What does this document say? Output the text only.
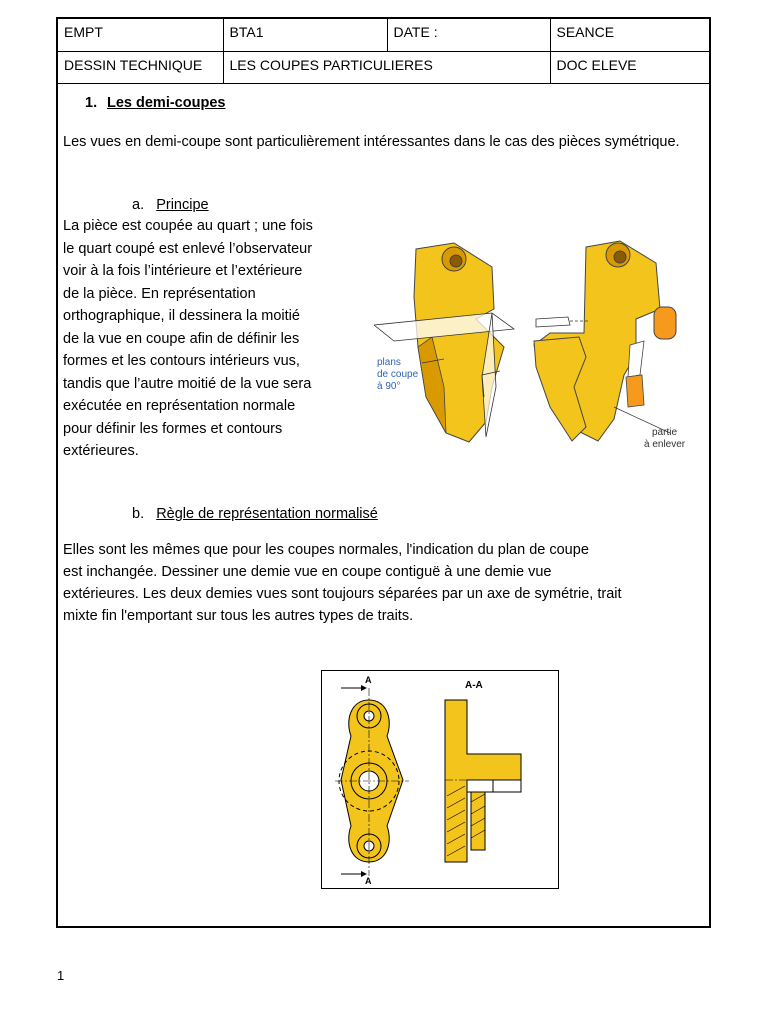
EMPT	BTA1	DATE :	SEANCE
DESSIN TECHNIQUE	LES COUPES PARTICULIERES		DOC ELEVE
1. Les demi-coupes
Les vues en demi-coupe sont particulièrement intéressantes dans le cas des pièces symétrique.
a. Principe
La pièce est coupée au quart ; une fois
le quart coupé est enlevé l’observateur
voir à la fois l’intérieure et l’extérieure
de la pièce. En représentation
orthographique, il dessinera la moitié
de la vue en coupe afin de définir les
formes et les contours intérieurs vus,
tandis que l’autre moitié de la vue sera
exécutée en représentation normale
pour définir les formes et contours
extérieures.
plans
de coupe
à 90°
partie
à enlever
b. Règle de représentation normalisé
Elles sont les mêmes que pour les coupes normales, l'indication du plan de coupe
est inchangée. Dessiner une demie vue en coupe contiguë à une demie vue
extérieures. Les deux demies vues sont toujours séparées par un axe de symétrie, trait
mixte fin l'emportant sur tous les autres types de traits.
A
A
A-A
1
